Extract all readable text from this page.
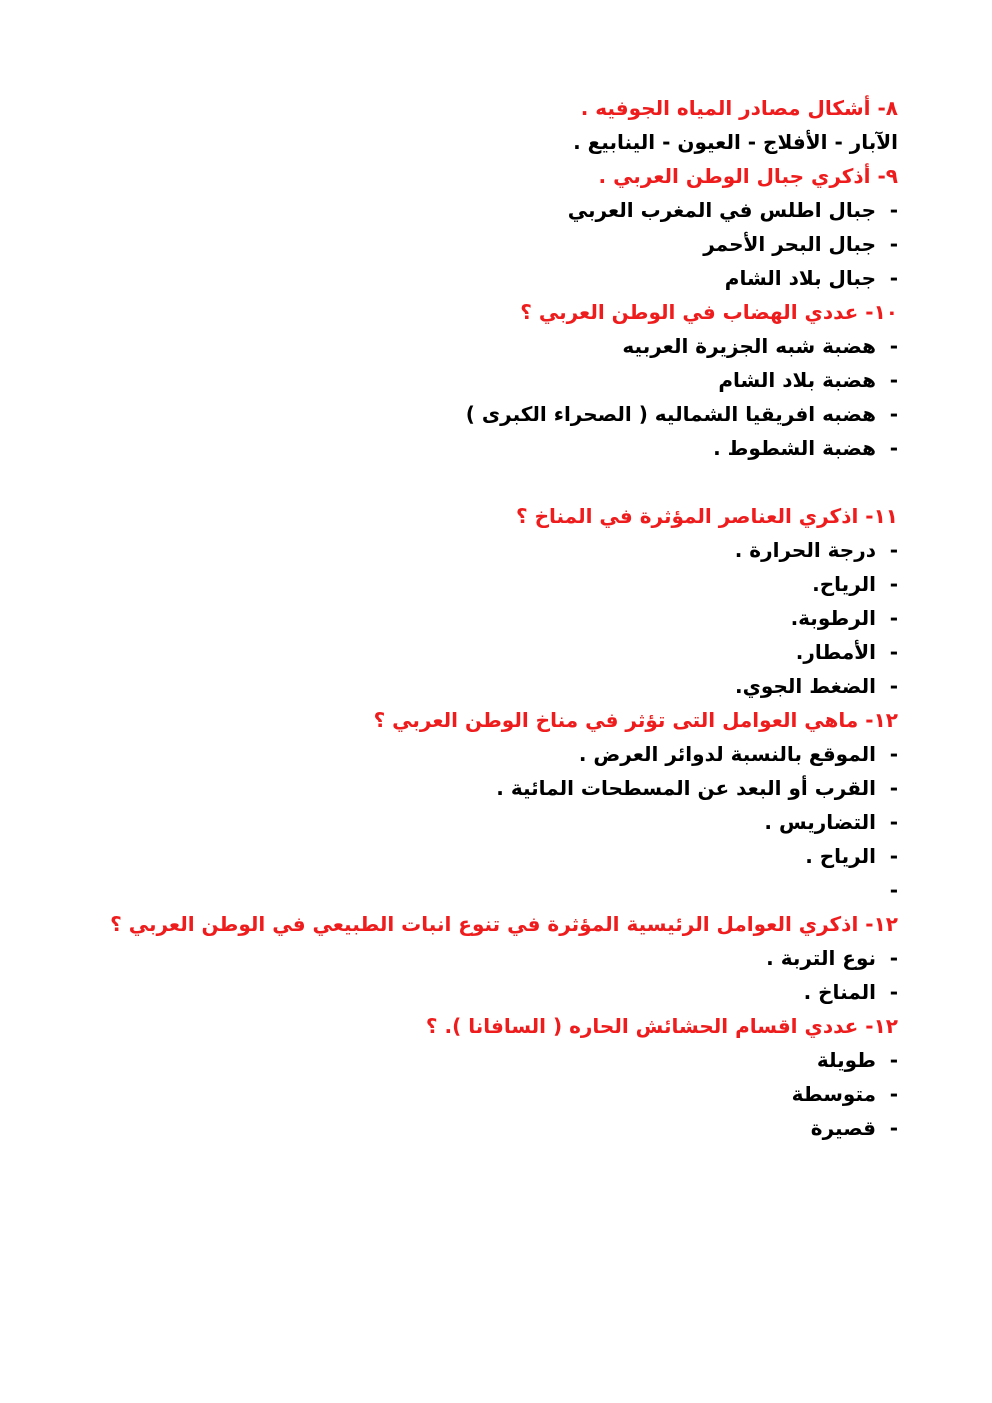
٨- أشكال مصادر المياه الجوفيه .
الآبار - الأفلاج - العيون - الينابيع .
٩- أذكري جبال الوطن العربي .
- جبال اطلس في المغرب العربي
- جبال البحر الأحمر
- جبال بلاد الشام
١٠- عددي الهضاب في الوطن العربي ؟
- هضبة شبه الجزيرة العربيه
- هضبة بلاد الشام
- هضبه افريقيا الشماليه ( الصحراء الكبرى )
- هضبة الشطوط .
١١- اذكري العناصر المؤثرة في المناخ ؟
- درجة الحرارة .
- الرياح.
- الرطوبة.
- الأمطار.
- الضغط الجوي.
١٢- ماهي العوامل التى تؤثر في مناخ الوطن العربي ؟
- الموقع بالنسبة لدوائر العرض .
- القرب أو البعد عن المسطحات المائية .
- التضاريس .
- الرياح .
-
١٢- اذكري العوامل الرئيسية المؤثرة في تنوع انبات الطبيعي في الوطن العربي ؟
- نوع التربة .
- المناخ .
١٢- عددي اقسام الحشائش الحاره ( السافانا ). ؟
- طويلة
- متوسطة
- قصيرة
